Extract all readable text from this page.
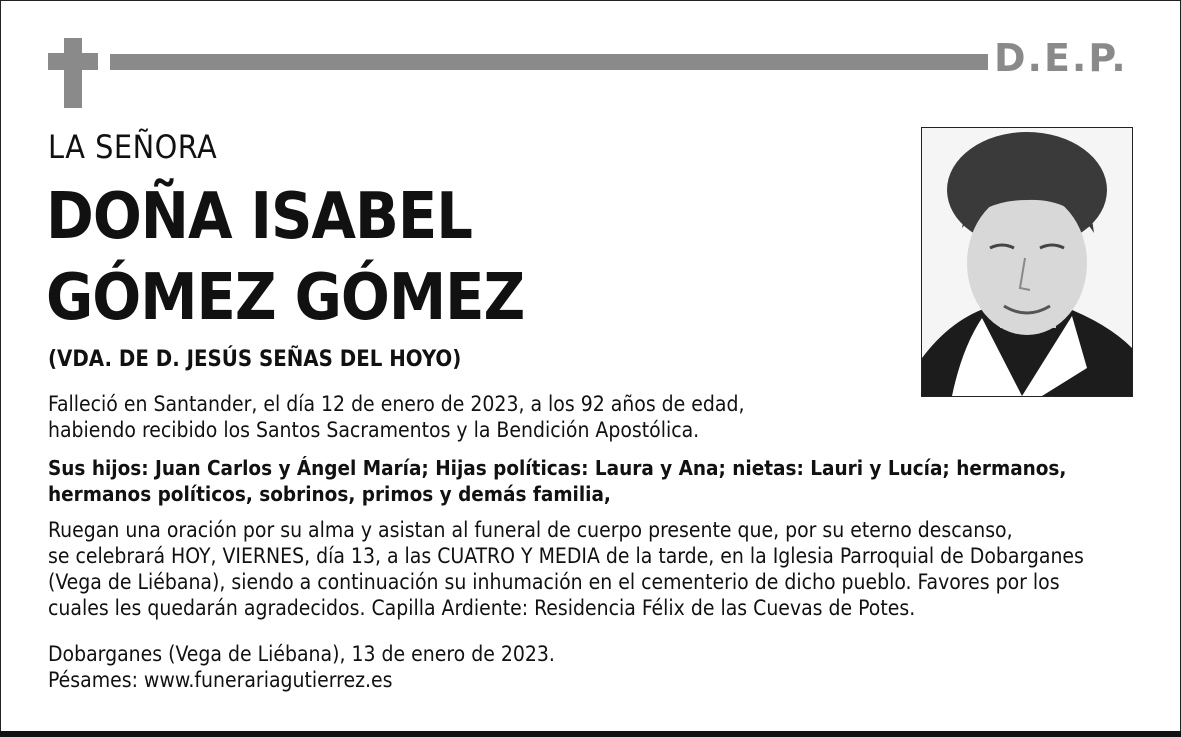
D.E.P.
LA SEÑORA
DOÑA ISABEL
GÓMEZ GÓMEZ
(VDA. DE D. JESÚS SEÑAS DEL HOYO)

Falleció en Santander, el día 12 de enero de 2023, a los 92 años de edad,
habiendo recibido los Santos Sacramentos y la Bendición Apostólica.

Sus hijos: Juan Carlos y Ángel María; Hijas políticas: Laura y Ana; nietas: Lauri y Lucía; hermanos,
hermanos políticos, sobrinos, primos y demás familia,

Ruegan una oración por su alma y asistan al funeral de cuerpo presente que, por su eterno descanso,
se celebrará HOY, VIERNES, día 13, a las CUATRO Y MEDIA de la tarde, en la Iglesia Parroquial de Dobarganes
(Vega de Liébana), siendo a continuación su inhumación en el cementerio de dicho pueblo. Favores por los
cuales les quedarán agradecidos. Capilla Ardiente: Residencia Félix de las Cuevas de Potes.

Dobarganes (Vega de Liébana), 13 de enero de 2023.
Pésames: www.funerariagutierrez.es
